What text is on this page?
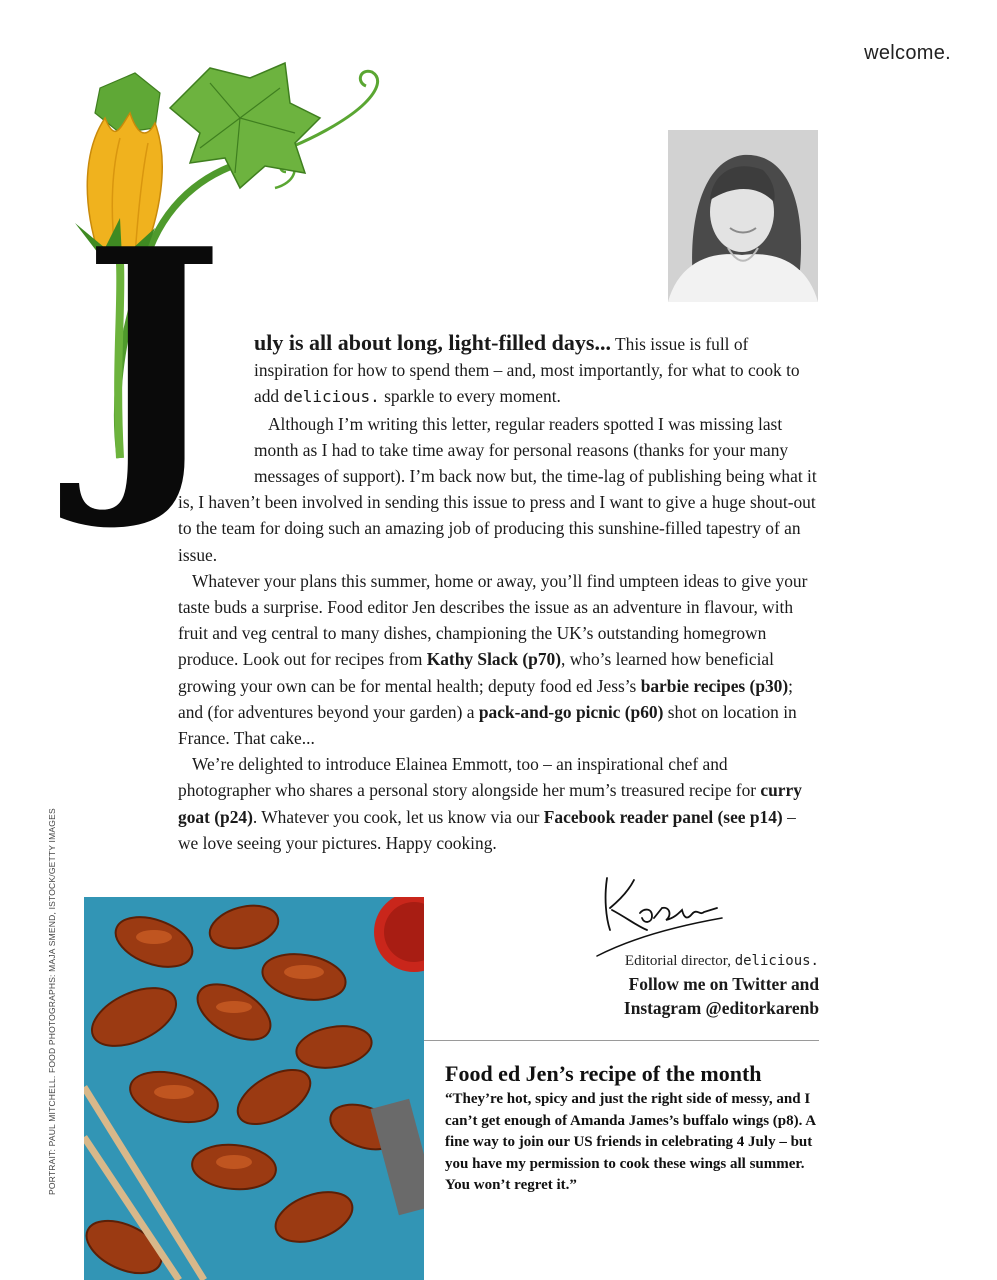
welcome.
J	uly is all about long, light-filled days... This issue is full of inspiration for how to spend them – and, most importantly, for what to cook to add delicious. sparkle to every moment.

Although I’m writing this letter, regular readers spotted I was missing last month as I had to take time away for personal reasons (thanks for your many messages of support). I’m back now but, the time-lag of publishing being what it is, I haven’t been involved in sending this issue to press and I want to give a huge shout-out to the team for doing such an amazing job of producing this sunshine-filled tapestry of an issue.

Whatever your plans this summer, home or away, you’ll find umpteen ideas to give your taste buds a surprise. Food editor Jen describes the issue as an adventure in flavour, with fruit and veg central to many dishes, championing the UK’s outstanding homegrown produce. Look out for recipes from Kathy Slack (p70), who’s learned how beneficial growing your own can be for mental health; deputy food ed Jess’s barbie recipes (p30); and (for adventures beyond your garden) a pack-and-go picnic (p60) shot on location in France. That cake...

We’re delighted to introduce Elainea Emmott, too – an inspirational chef and photographer who shares a personal story alongside her mum’s treasured recipe for curry goat (p24). Whatever you cook, let us know via our Facebook reader panel (see p14) – we love seeing your pictures. Happy cooking.

PORTRAIT: PAUL MITCHELL. FOOD PHOTOGRAPHS: MAJA SMEND, ISTOCK/GETTY IMAGES	Editorial director, delicious.
Follow me on Twitter and
Instagram @editorkarenb
Food ed Jen’s recipe of the month
“They’re hot, spicy and just the right side of messy, and I can’t get enough of Amanda James’s buffalo wings (p8). A fine way to join our US friends in celebrating 4 July – but you have my permission to cook these wings all summer. You won’t regret it.”
